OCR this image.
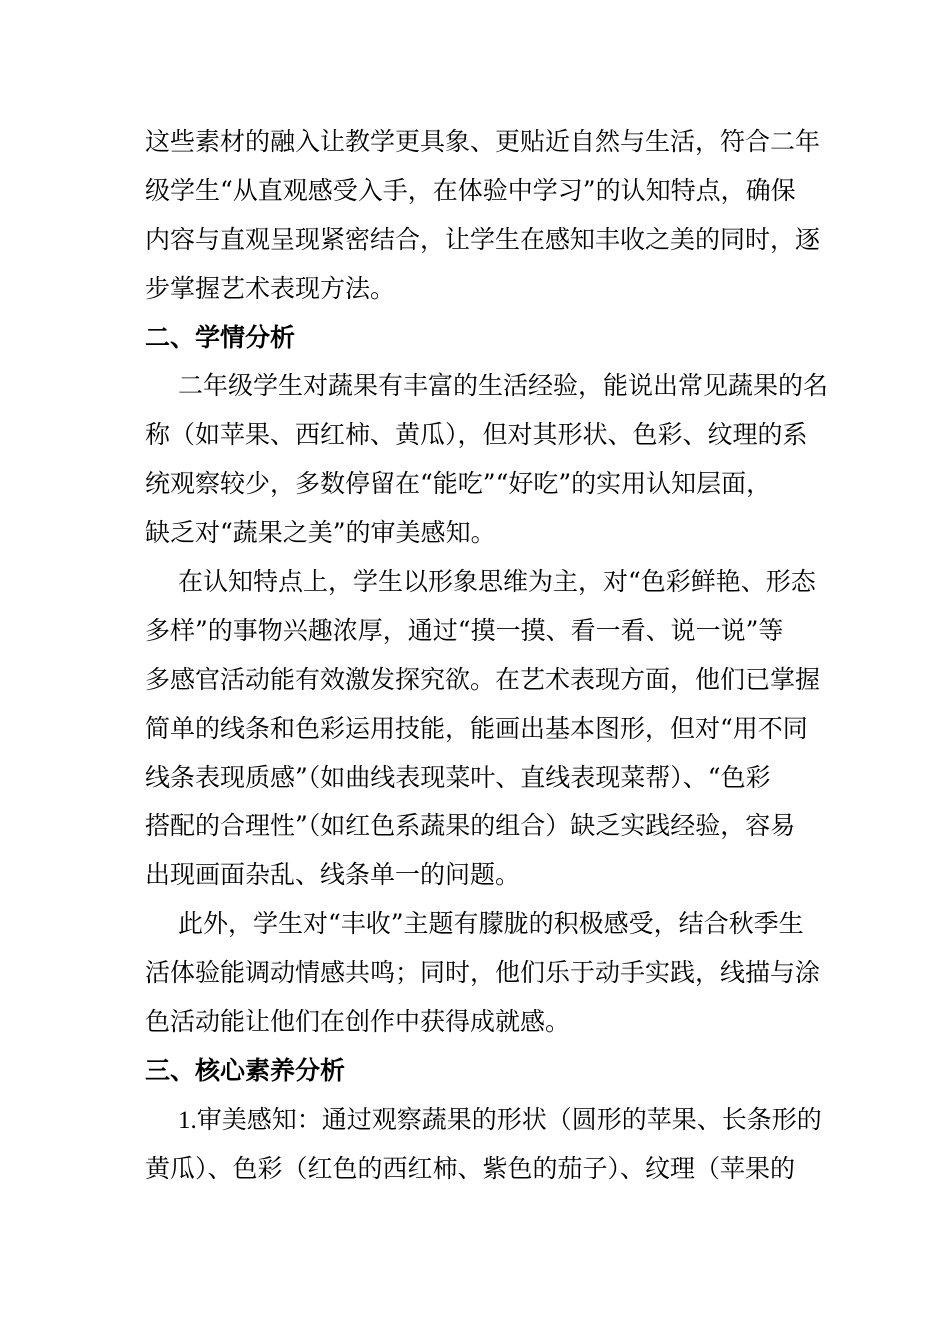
这些素材的融入让教学更具象、更贴近自然与生活，符合二年
级学生“从直观感受入手，在体验中学习”的认知特点，确保
内容与直观呈现紧密结合，让学生在感知丰收之美的同时，逐
步掌握艺术表现方法。
二、学情分析
二年级学生对蔬果有丰富的生活经验，能说出常见蔬果的名
称（如苹果、西红柿、黄瓜），但对其形状、色彩、纹理的系
统观察较少，多数停留在“能吃”“好吃”的实用认知层面，
缺乏对“蔬果之美”的审美感知。
在认知特点上，学生以形象思维为主，对“色彩鲜艳、形态
多样”的事物兴趣浓厚，通过“摸一摸、看一看、说一说”等
多感官活动能有效激发探究欲。在艺术表现方面，他们已掌握
简单的线条和色彩运用技能，能画出基本图形，但对“用不同
线条表现质感”（如曲线表现菜叶、直线表现菜帮）、“色彩
搭配的合理性”（如红色系蔬果的组合）缺乏实践经验，容易
出现画面杂乱、线条单一的问题。
此外，学生对“丰收”主题有朦胧的积极感受，结合秋季生
活体验能调动情感共鸣；同时，他们乐于动手实践，线描与涂
色活动能让他们在创作中获得成就感。
三、核心素养分析
1.审美感知：通过观察蔬果的形状（圆形的苹果、长条形的
黄瓜）、色彩（红色的西红柿、紫色的茄子）、纹理（苹果的
